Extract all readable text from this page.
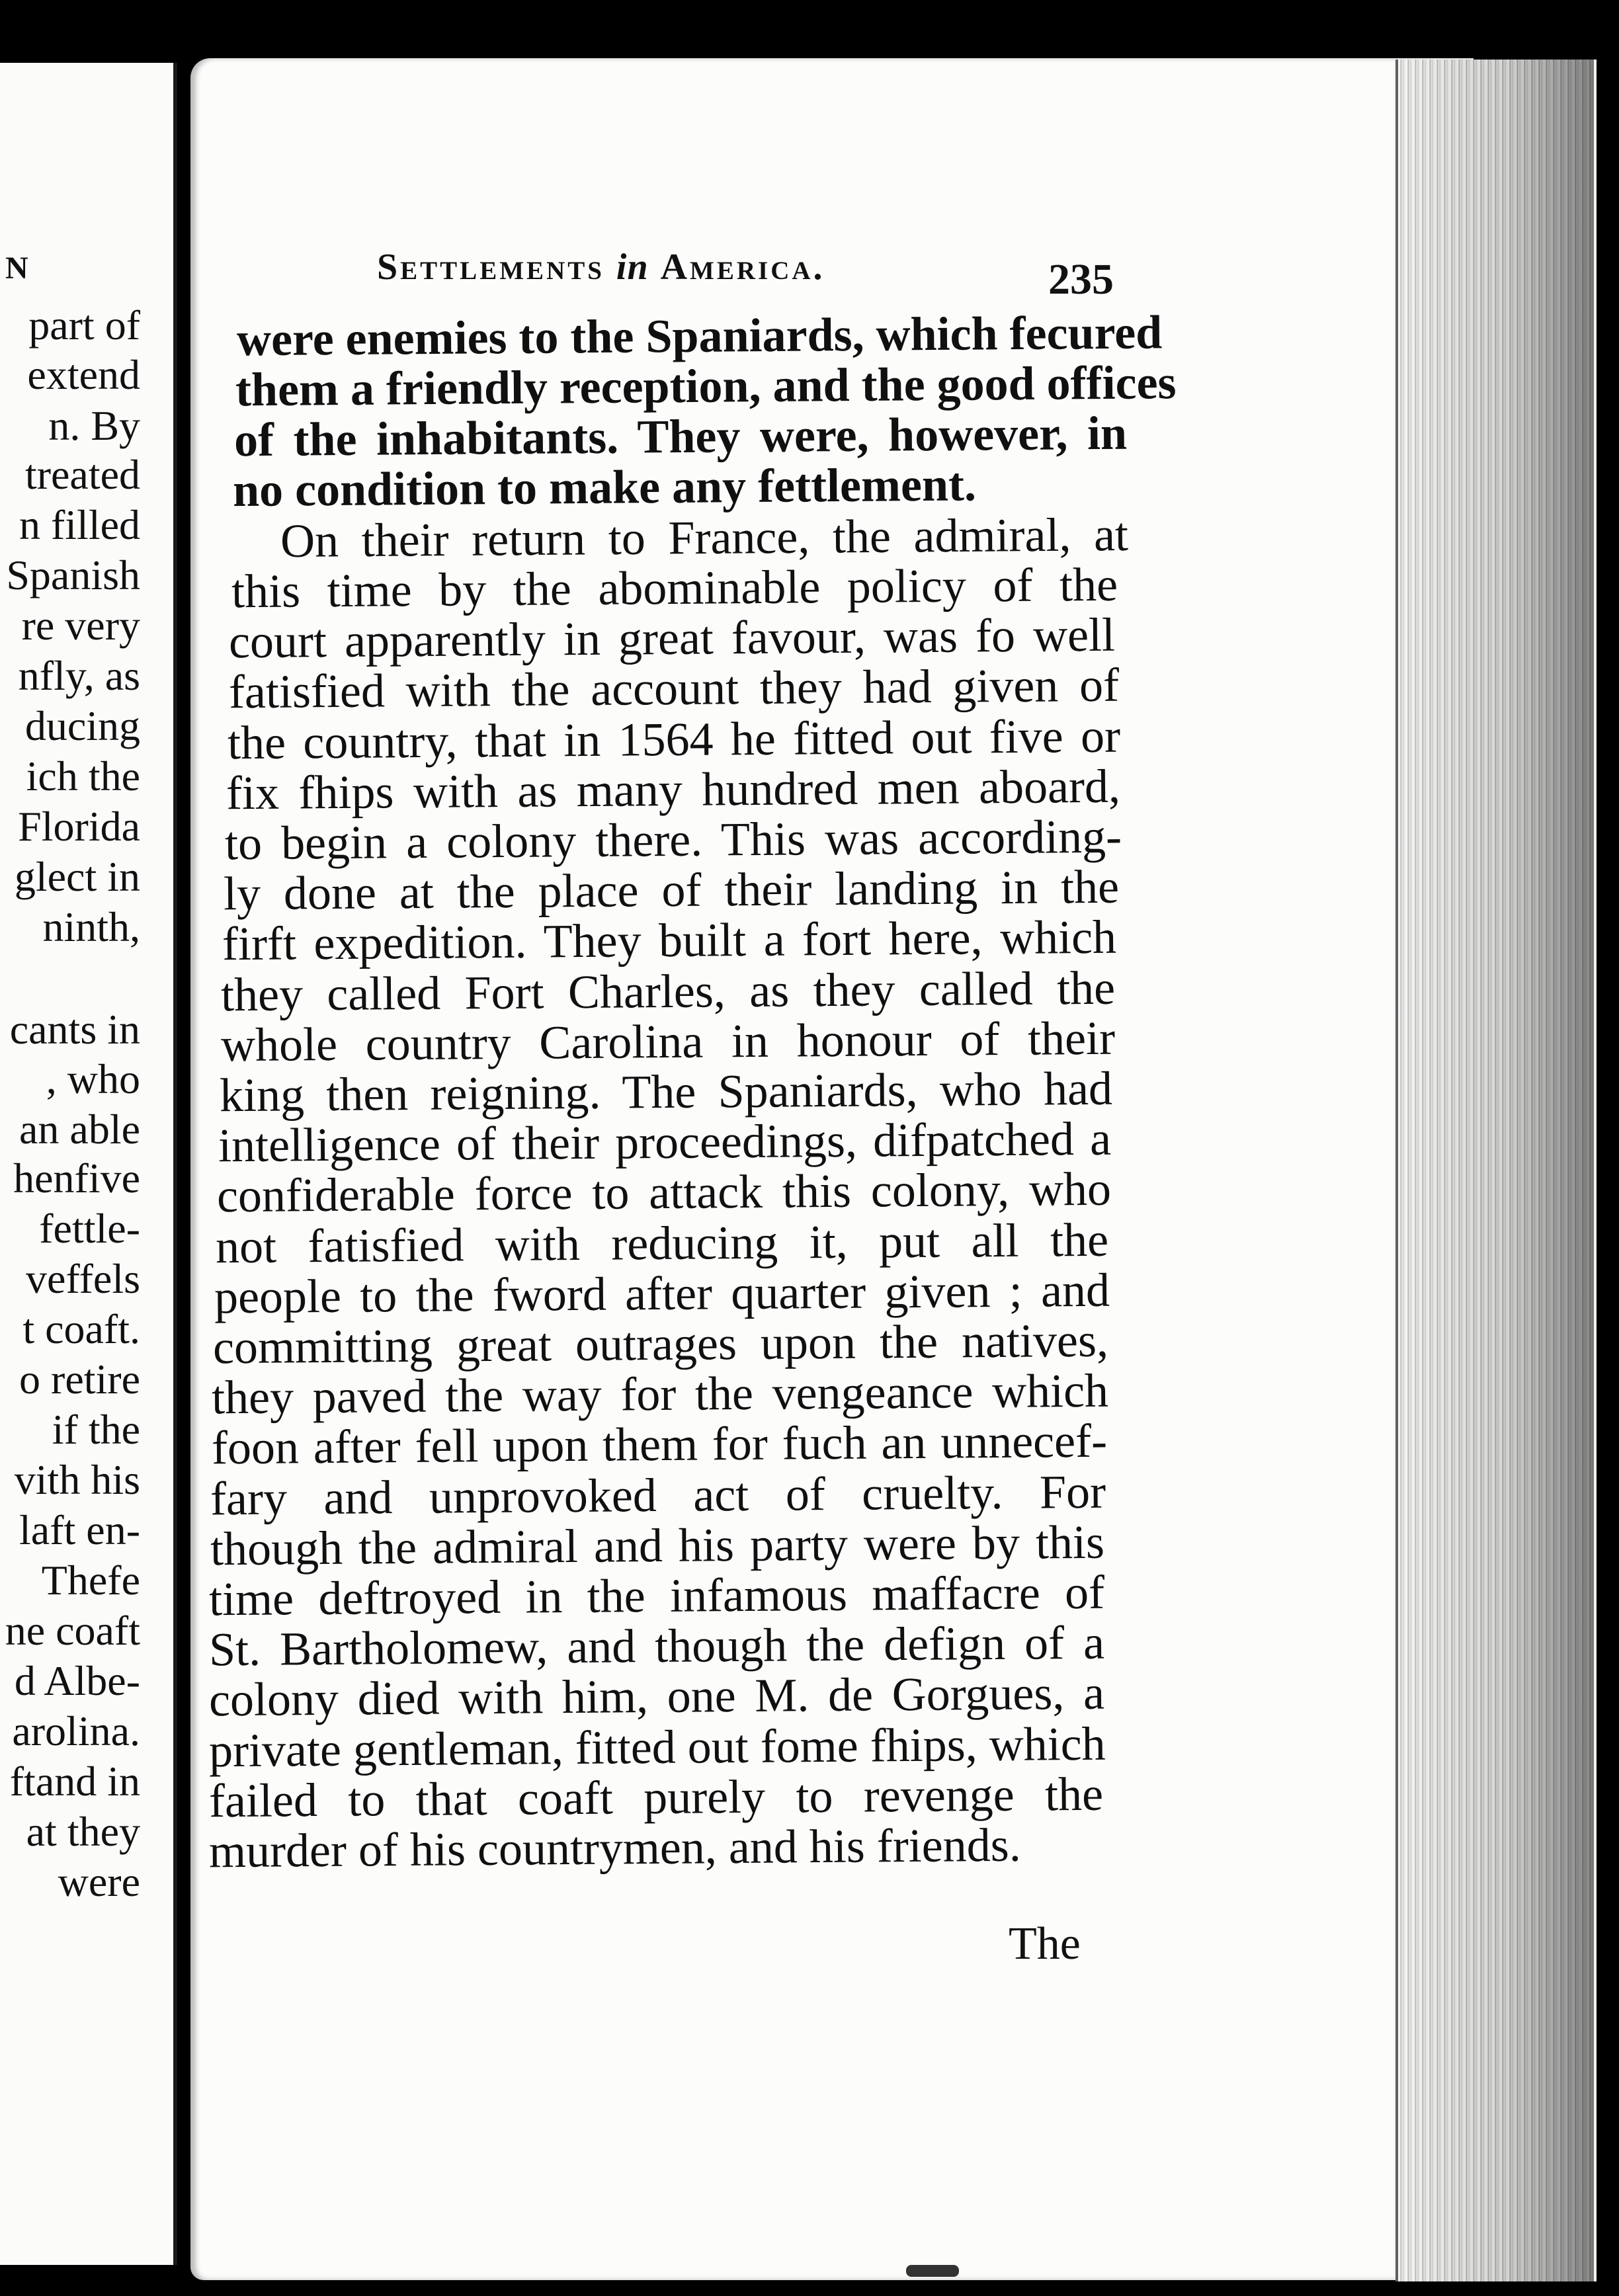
N
part of
extend
n. By
treated
n filled
Spanish
re very
nfly, as
ducing
ich the
Florida
glect in
ninth,
cants in
, who
an able
henfive
fettle-
veffels
t coaft.
o retire
if the
vith his
laft en-
Thefe
ne coaft
d Albe-
arolina.
ftand in
at they
were
Settlements in America.	235
were enemies to the Spaniards, which fecured
them a friendly reception, and the good offices
of the inhabitants. They were, however, in
no condition to make any fettlement.
On their return to France, the admiral, at
this time by the abominable policy of the
court apparently in great favour, was fo well
fatisfied with the account they had given of
the country, that in 1564 he fitted out five or
fix fhips with as many hundred men aboard,
to begin a colony there. This was according-
ly done at the place of their landing in the
firft expedition. They built a fort here, which
they called Fort Charles, as they called the
whole country Carolina in honour of their
king then reigning. The Spaniards, who had
intelligence of their proceedings, difpatched a
confiderable force to attack this colony, who
not fatisfied with reducing it, put all the
people to the fword after quarter given ; and
committing great outrages upon the natives,
they paved the way for the vengeance which
foon after fell upon them for fuch an unnecef-
fary and unprovoked act of cruelty. For
though the admiral and his party were by this
time deftroyed in the infamous maffacre of
St. Bartholomew, and though the defign of a
colony died with him, one M. de Gorgues, a
private gentleman, fitted out fome fhips, which
failed to that coaft purely to revenge the
murder of his countrymen, and his friends.
The
